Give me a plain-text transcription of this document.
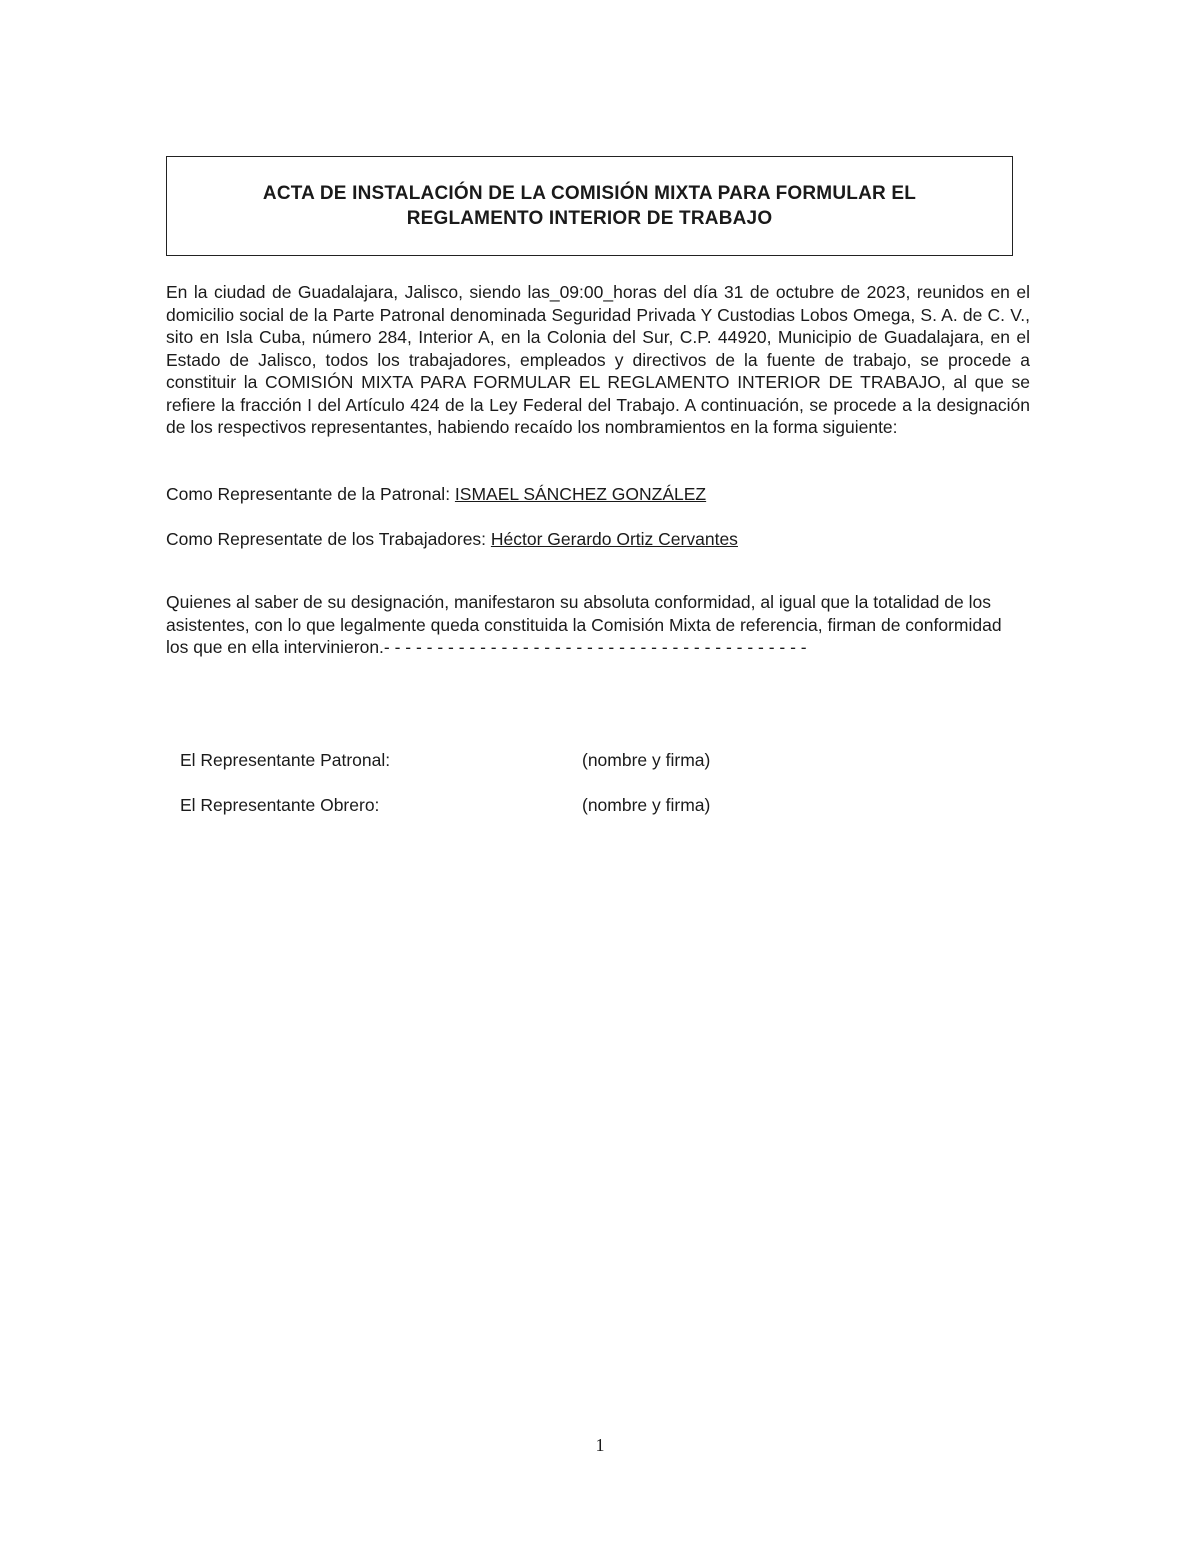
ACTA DE INSTALACIÓN DE LA COMISIÓN MIXTA PARA FORMULAR EL
REGLAMENTO INTERIOR DE TRABAJO

En la ciudad de Guadalajara, Jalisco, siendo las_09:00_horas del día 31 de octubre de 2023, reunidos en el domicilio social de la Parte Patronal denominada Seguridad Privada Y Custodias Lobos Omega, S. A. de C. V., sito en Isla Cuba, número 284, Interior A, en la Colonia del Sur, C.P. 44920, Municipio de Guadalajara, en el Estado de Jalisco, todos los trabajadores, empleados y directivos de la fuente de trabajo, se procede a constituir la COMISIÓN MIXTA PARA FORMULAR EL REGLAMENTO INTERIOR DE TRABAJO, al que se refiere la fracción I del Artículo 424 de la Ley Federal del Trabajo. A continuación, se procede a la designación de los respectivos representantes, habiendo recaído los nombramientos en la forma siguiente:

Como Representante de la Patronal: ISMAEL SÁNCHEZ GONZÁLEZ

Como Representate de los Trabajadores: Héctor Gerardo Ortiz Cervantes

Quienes al saber de su designación, manifestaron su absoluta conformidad, al igual que la totalidad de los asistentes, con lo que legalmente queda constituida la Comisión Mixta de referencia, firman de conformidad los que en ella intervinieron.- - - - - - - - - - - - - - - - - - - - - - - - - - - - - - - - - - - - - - - -

El Representante Patronal:	(nombre y firma)
El Representante Obrero:	(nombre y firma)
1
